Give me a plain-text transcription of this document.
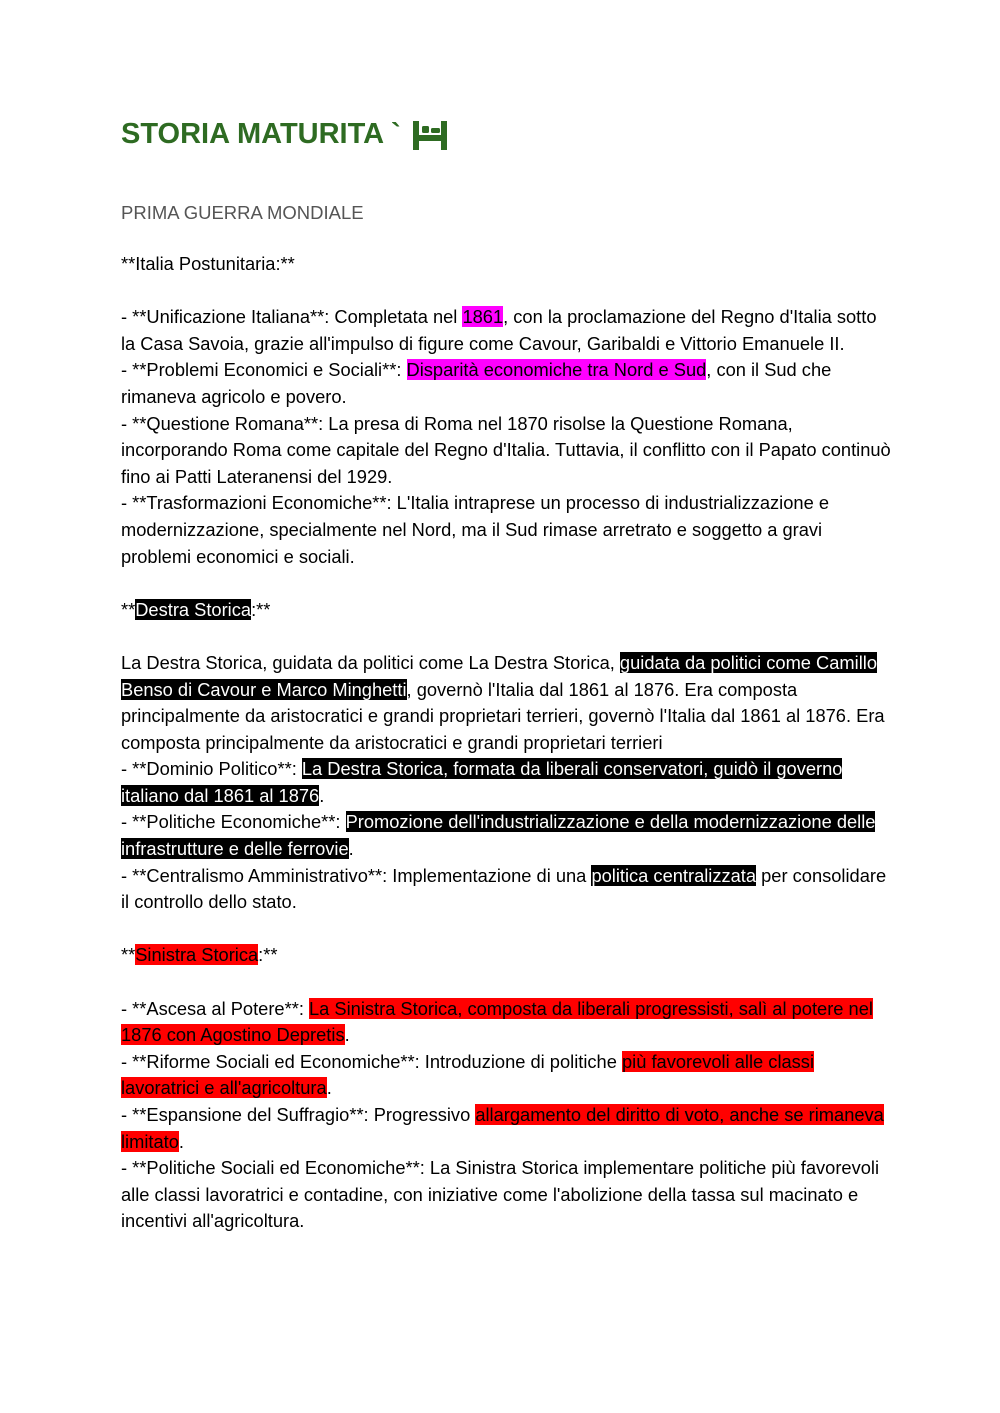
STORIA MATURITA `
PRIMA GUERRA MONDIALE

**Italia Postunitaria:**

- **Unificazione Italiana**: Completata nel 1861, con la proclamazione del Regno d'Italia sotto la Casa Savoia, grazie all'impulso di figure come Cavour, Garibaldi e Vittorio Emanuele II.

- **Problemi Economici e Sociali**: Disparità economiche tra Nord e Sud, con il Sud che rimaneva agricolo e povero.

- **Questione Romana**: La presa di Roma nel 1870 risolse la Questione Romana, incorporando Roma come capitale del Regno d'Italia. Tuttavia, il conflitto con il Papato continuò fino ai Patti Lateranensi del 1929.

- **Trasformazioni Economiche**: L'Italia intraprese un processo di industrializzazione e modernizzazione, specialmente nel Nord, ma il Sud rimase arretrato e soggetto a gravi problemi economici e sociali.

**Destra Storica:**

La Destra Storica, guidata da politici come La Destra Storica, guidata da politici come Camillo Benso di Cavour e Marco Minghetti, governò l'Italia dal 1861 al 1876. Era composta principalmente da aristocratici e grandi proprietari terrieri, governò l'Italia dal 1861 al 1876. Era composta principalmente da aristocratici e grandi proprietari terrieri

- **Dominio Politico**: La Destra Storica, formata da liberali conservatori, guidò il governo italiano dal 1861 al 1876.

- **Politiche Economiche**: Promozione dell'industrializzazione e della modernizzazione delle infrastrutture e delle ferrovie.

- **Centralismo Amministrativo**: Implementazione di una politica centralizzata per consolidare il controllo dello stato.

**Sinistra Storica:**

- **Ascesa al Potere**: La Sinistra Storica, composta da liberali progressisti, salì al potere nel 1876 con Agostino Depretis.

- **Riforme Sociali ed Economiche**: Introduzione di politiche più favorevoli alle classi lavoratrici e all'agricoltura.

- **Espansione del Suffragio**: Progressivo allargamento del diritto di voto, anche se rimaneva limitato.

- **Politiche Sociali ed Economiche**: La Sinistra Storica implementare politiche più favorevoli alle classi lavoratrici e contadine, con iniziative come l'abolizione della tassa sul macinato e incentivi all'agricoltura.
